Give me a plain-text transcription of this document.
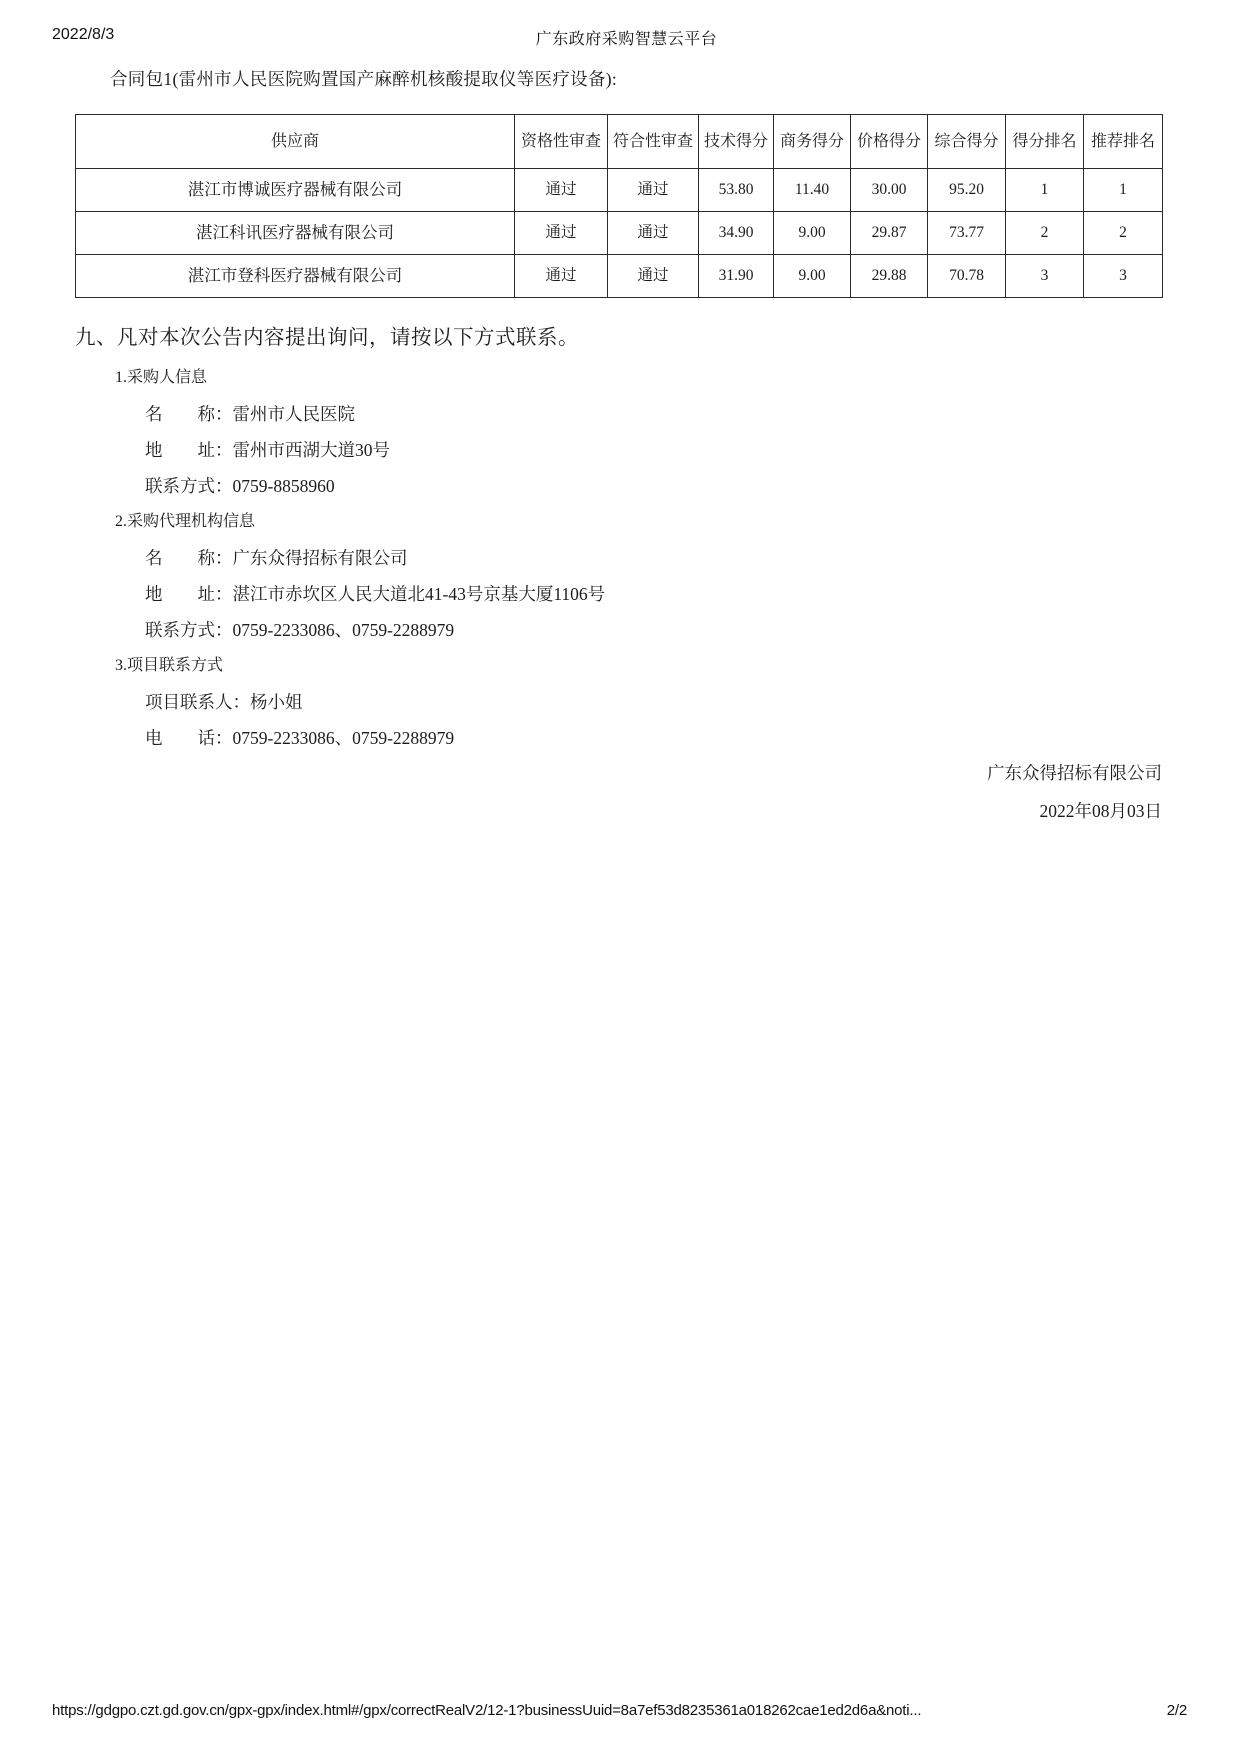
2022/8/3	广东政府采购智慧云平台
合同包1(雷州市人民医院购置国产麻醉机核酸提取仪等医疗设备):
供应商	资格性审查	符合性审查	技术得分	商务得分	价格得分	综合得分	得分排名	推荐排名
湛江市博诚医疗器械有限公司	通过	通过	53.80	11.40	30.00	95.20	1	1
湛江科讯医疗器械有限公司	通过	通过	34.90	9.00	29.87	73.77	2	2
湛江市登科医疗器械有限公司	通过	通过	31.90	9.00	29.88	70.78	3	3
九、凡对本次公告内容提出询问，请按以下方式联系。
1.采购人信息
名　　称：雷州市人民医院
地　　址：雷州市西湖大道30号
联系方式：0759-8858960
2.采购代理机构信息
名　　称：广东众得招标有限公司
地　　址：湛江市赤坎区人民大道北41-43号京基大厦1106号
联系方式：0759-2233086、0759-2288979
3.项目联系方式
项目联系人：杨小姐
电　　话：0759-2233086、0759-2288979
广东众得招标有限公司
2022年08月03日
https://gdgpo.czt.gd.gov.cn/gpx-gpx/index.html#/gpx/correctRealV2/12-1?businessUuid=8a7ef53d8235361a018262cae1ed2d6a&noti...	2/2
